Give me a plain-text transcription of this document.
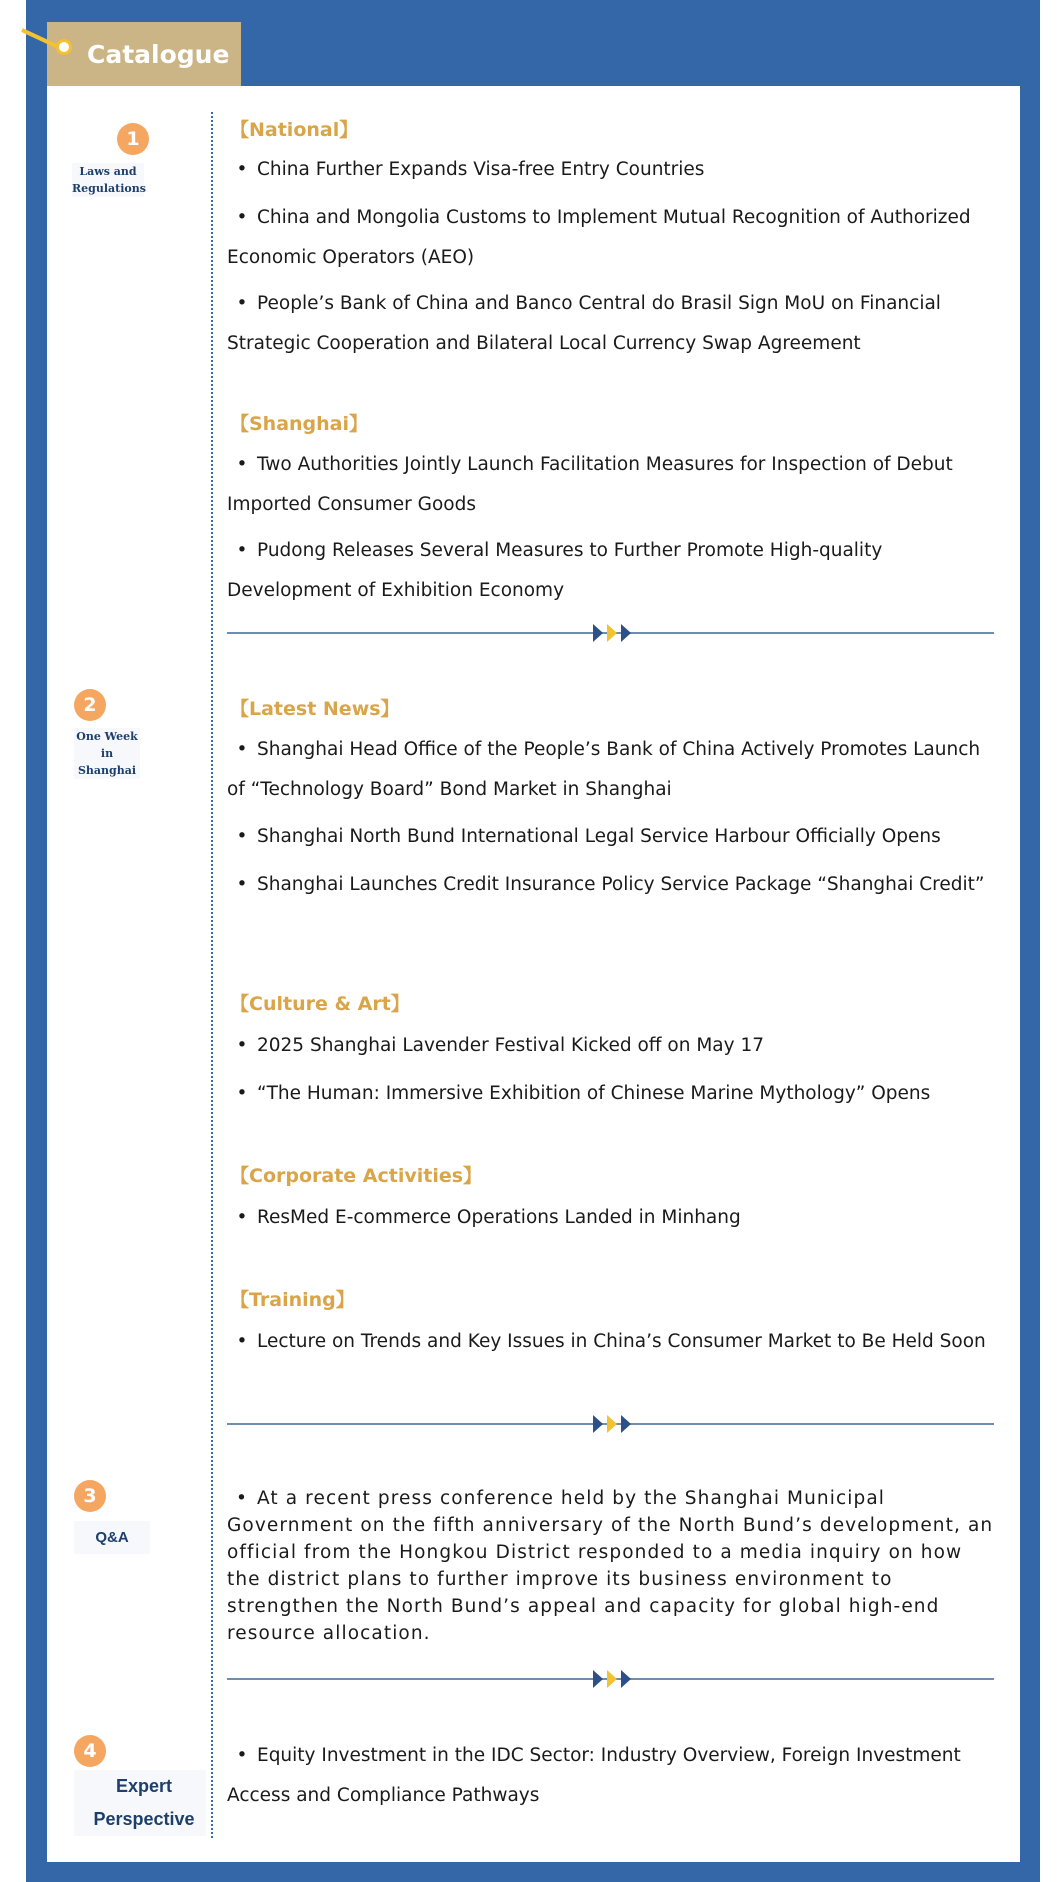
Catalogue
1
Laws and Regulations
【National】

• China Further Expands Visa-free Entry Countries

• China and Mongolia Customs to Implement Mutual Recognition of Authorized Economic Operators (AEO)

• People’s Bank of China and Banco Central do Brasil Sign MoU on Financial Strategic Cooperation and Bilateral Local Currency Swap Agreement

【Shanghai】

• Two Authorities Jointly Launch Facilitation Measures for Inspection of Debut Imported Consumer Goods

• Pudong Releases Several Measures to Further Promote High-quality Development of Exhibition Economy

2
One Week in Shanghai
【Latest News】

• Shanghai Head Office of the People’s Bank of China Actively Promotes Launch of “Technology Board” Bond Market in Shanghai

• Shanghai North Bund International Legal Service Harbour Officially Opens

• Shanghai Launches Credit Insurance Policy Service Package “Shanghai Credit”

【Culture & Art】

• 2025 Shanghai Lavender Festival Kicked off on May 17

• “The Human: Immersive Exhibition of Chinese Marine Mythology” Opens

【Corporate Activities】

• ResMed E-commerce Operations Landed in Minhang

【Training】

• Lecture on Trends and Key Issues in China’s Consumer Market to Be Held Soon

3
Q&A

• At a recent press conference held by the Shanghai Municipal Government on the fifth anniversary of the North Bund’s development, an official from the Hongkou District responded to a media inquiry on how the district plans to further improve its business environment to strengthen the North Bund’s appeal and capacity for global high-end resource allocation.

4
Expert Perspective

• Equity Investment in the IDC Sector: Industry Overview, Foreign Investment Access and Compliance Pathways
